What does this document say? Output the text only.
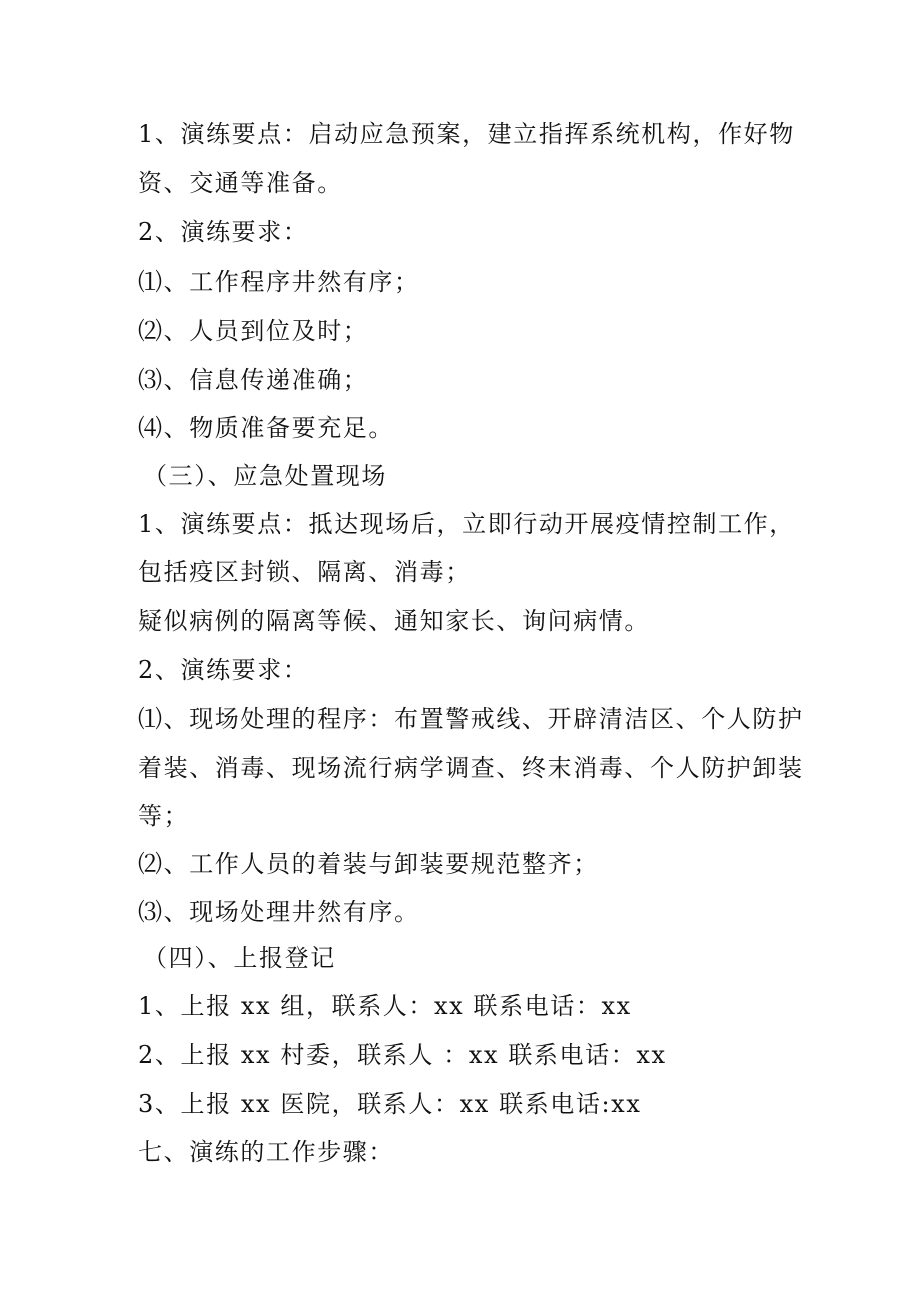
1、演练要点：启动应急预案，建立指挥系统机构，作好物
资、交通等准备。
2、演练要求：
⑴、工作程序井然有序；
⑵、人员到位及时；
⑶、信息传递准确；
⑷、物质准备要充足。
（三）、应急处置现场
1、演练要点：抵达现场后，立即行动开展疫情控制工作，
包括疫区封锁、隔离、消毒；
疑似病例的隔离等候、通知家长、询问病情。
2、演练要求：
⑴、现场处理的程序：布置警戒线、开辟清洁区、个人防护
着装、消毒、现场流行病学调查、终末消毒、个人防护卸装
等；
⑵、工作人员的着装与卸装要规范整齐；
⑶、现场处理井然有序。
（四）、上报登记
1、上报 xx 组，联系人：xx 联系电话：xx
2、上报 xx 村委，联系人 ：xx 联系电话：xx
3、上报 xx 医院，联系人：xx 联系电话:xx
七、演练的工作步骤：
